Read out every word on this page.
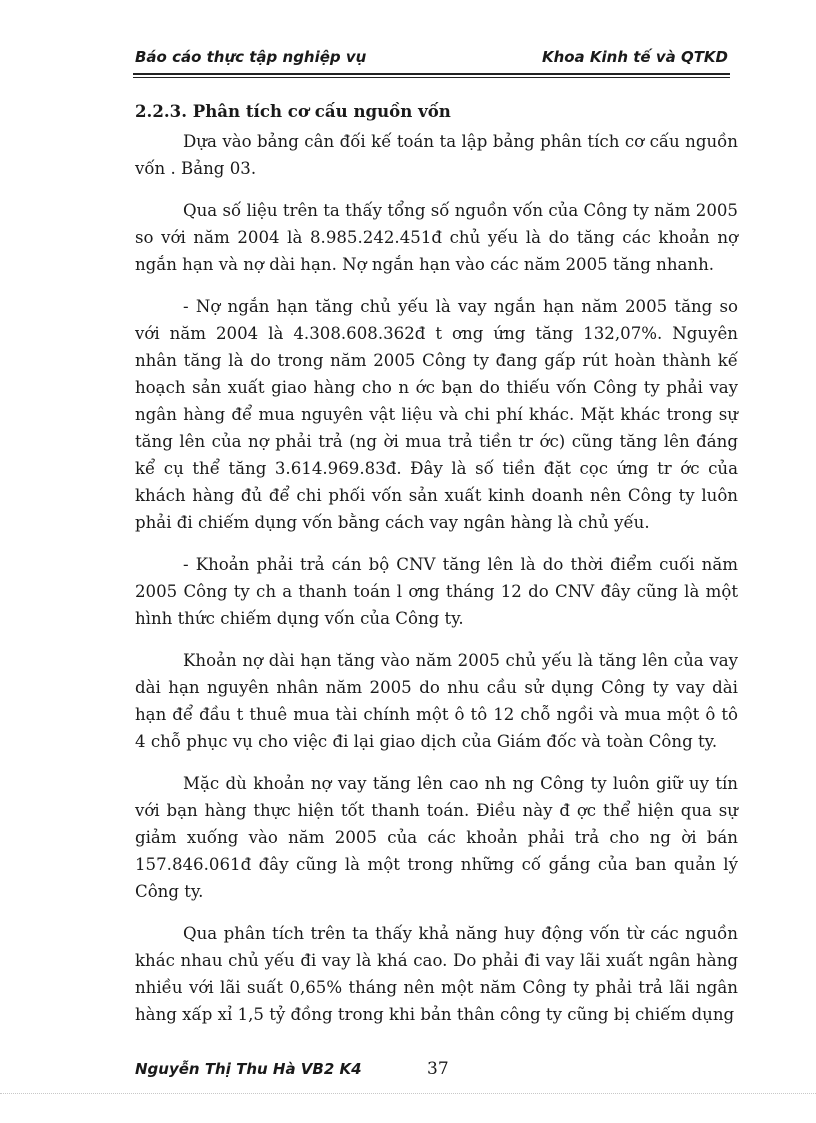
Báo cáo thực tập nghiệp vụ	Khoa Kinh tế và QTKD
2.2.3. Phân tích cơ cấu nguồn vốn

Dựa vào bảng cân đối kế toán ta lập bảng phân tích cơ cấu nguồn vốn . Bảng 03.

Qua số liệu trên ta thấy tổng số nguồn vốn của Công ty năm 2005 so với năm 2004 là 8.985.242.451đ chủ yếu là do tăng các khoản nợ ngắn hạn và nợ dài hạn. Nợ ngắn hạn vào các năm 2005 tăng nhanh.

- Nợ ngắn hạn tăng chủ yếu là vay ngắn hạn năm 2005 tăng so với năm 2004 là 4.308.608.362đ t ơng ứng tăng 132,07%. Nguyên nhân tăng là do trong năm 2005 Công ty đang gấp rút hoàn thành kế hoạch sản xuất giao hàng cho n ớc bạn do thiếu vốn Công ty phải vay ngân hàng để mua nguyên vật liệu và chi phí khác. Mặt khác trong sự tăng lên của nợ phải trả (ng ời mua trả tiền tr ớc) cũng tăng lên đáng kể cụ thể tăng 3.614.969.83đ. Đây là số tiền đặt cọc ứng tr ớc của khách hàng đủ để chi phối vốn sản xuất kinh doanh nên Công ty luôn phải đi chiếm dụng vốn bằng cách vay ngân hàng là chủ yếu.

- Khoản phải trả cán bộ CNV tăng lên là do thời điểm cuối năm 2005 Công ty ch a thanh toán l ơng tháng 12 do CNV đây cũng là một hình thức chiếm dụng vốn của Công ty.

Khoản nợ dài hạn tăng vào năm 2005 chủ yếu là tăng lên của vay dài hạn nguyên nhân năm 2005 do nhu cầu sử dụng Công ty vay dài hạn để đầu t thuê mua tài chính một ô tô 12 chỗ ngồi và mua một ô tô 4 chỗ phục vụ cho việc đi lại giao dịch của Giám đốc và toàn Công ty.

Mặc dù khoản nợ vay tăng lên cao nh ng Công ty luôn giữ uy tín với bạn hàng thực hiện tốt thanh toán. Điều này đ ợc thể hiện qua sự giảm xuống vào năm 2005 của các khoản phải trả cho ng ời bán 157.846.061đ đây cũng là một trong những cố gắng của ban quản lý Công ty.

Qua phân tích trên ta thấy khả năng huy động vốn từ các nguồn khác nhau chủ yếu đi vay là khá cao. Do phải đi vay lãi xuất ngân hàng nhiều với lãi suất 0,65% tháng nên một năm Công ty phải trả lãi ngân hàng xấp xỉ 1,5 tỷ đồng trong khi bản thân công ty cũng bị chiếm dụng

Nguyễn Thị Thu Hà VB2 K4	37
